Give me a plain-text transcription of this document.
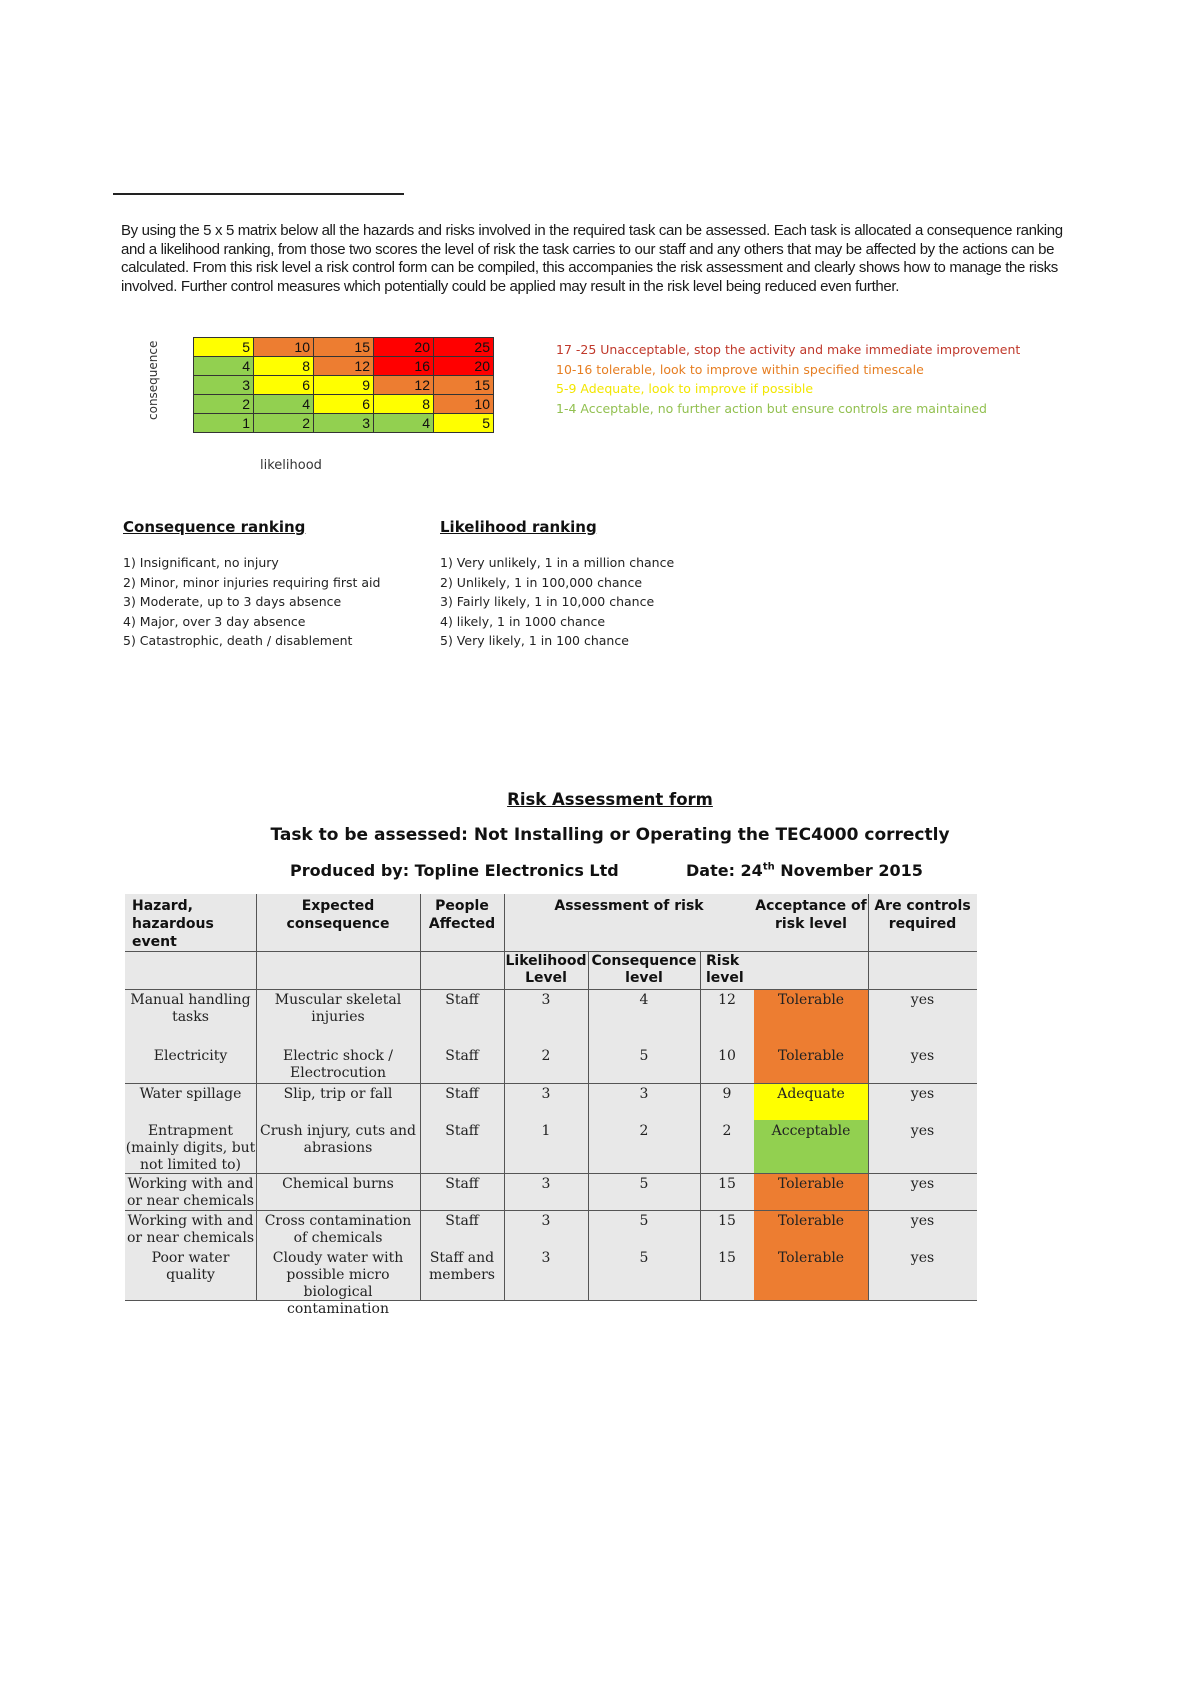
By using the 5 x 5 matrix below all the hazards and risks involved in the required task can be assessed. Each task is allocated a consequence ranking and a likelihood ranking, from those two scores the level of risk the task carries to our staff and any others that may be affected by the actions can be calculated. From this risk level a risk control form can be compiled, this accompanies the risk assessment and clearly shows how to manage the risks involved. Further control measures which potentially could be applied may result in the risk level being reduced even further.
consequence	5	10	15	20	25
4	8	12	16	20
3	6	9	12	15
2	4	6	8	10
1	2	3	4	5
likelihood
17 -25 Unacceptable, stop the activity and make immediate improvement
10-16 tolerable, look to improve within specified timescale
5-9 Adequate, look to improve if possible
1-4 Acceptable, no further action but ensure controls are maintained
Consequence ranking
1) Insignificant, no injury
2) Minor, minor injuries requiring first aid
3) Moderate, up to 3 days absence
4) Major, over 3 day absence
5) Catastrophic, death / disablement
Likelihood ranking
1) Very unlikely, 1 in a million chance
2) Unlikely, 1 in 100,000 chance
3) Fairly likely, 1 in 10,000 chance
4) likely, 1 in 1000 chance
5) Very likely, 1 in 100 chance
Risk Assessment form
Task to be assessed: Not Installing or Operating the TEC4000 correctly
Produced by: Topline Electronics Ltd	Date: 24th November 2015
Hazard, hazardous event
Expected consequence
People Affected
Assessment of risk	Acceptance of risk level
Are controls required
Likelihood Level
Consequence level
Risk level
Manual handling tasks
Muscular skeletal injuries
Staff	3	4	12	Tolerable	yes
Electricity	Electric shock / Electrocution
Staff	2	5	10	Tolerable	yes
Water spillage	Slip, trip or fall	Staff	3	3	9	Adequate	yes
Entrapment (mainly digits, but not limited to)
Crush injury, cuts and abrasions
Staff	1	2	2	Acceptable	yes
Working with and or near chemicals
Chemical burns	Staff	3	5	15	Tolerable	yes
Working with and or near chemicals
Cross contamination of chemicals
Staff	3	5	15	Tolerable	yes
Poor water quality
Cloudy water with possible micro biological contamination
Staff and members
3	5	15	Tolerable	yes
